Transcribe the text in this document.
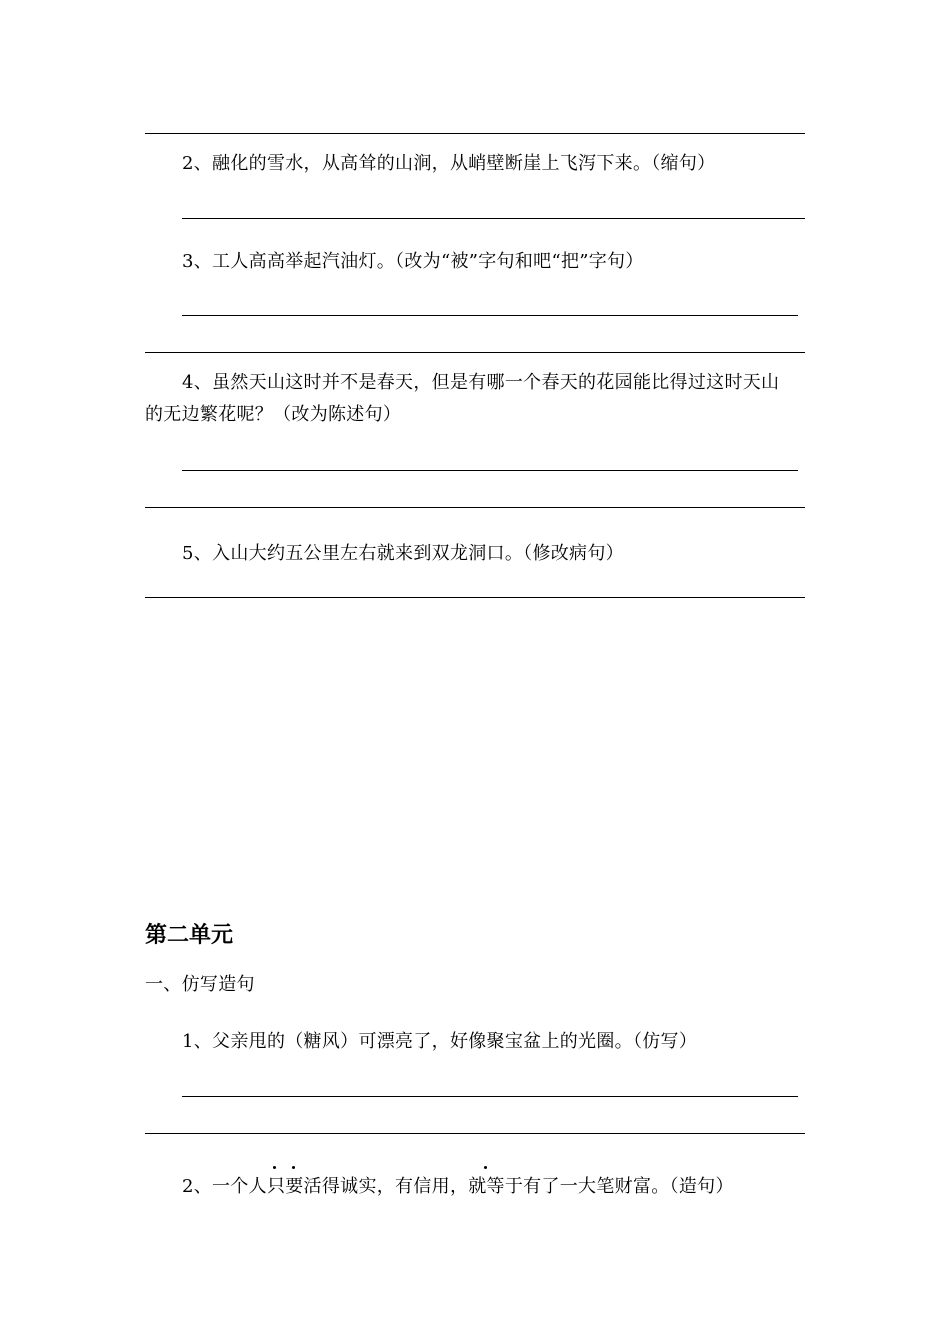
2、融化的雪水，从高耸的山涧，从峭壁断崖上飞泻下来。（缩句）
3、工人高高举起汽油灯。（改为“被”字句和吧“把”字句）
4、虽然天山这时并不是春天，但是有哪一个春天的花园能比得过这时天山
的无边繁花呢？（改为陈述句）
5、入山大约五公里左右就来到双龙洞口。（修改病句）
第二单元
一、仿写造句
1、父亲甩的（糖风）可漂亮了，好像聚宝盆上的光圈。（仿写）
2、一个人只要活得诚实，有信用，就等于有了一大笔财富。（造句）
